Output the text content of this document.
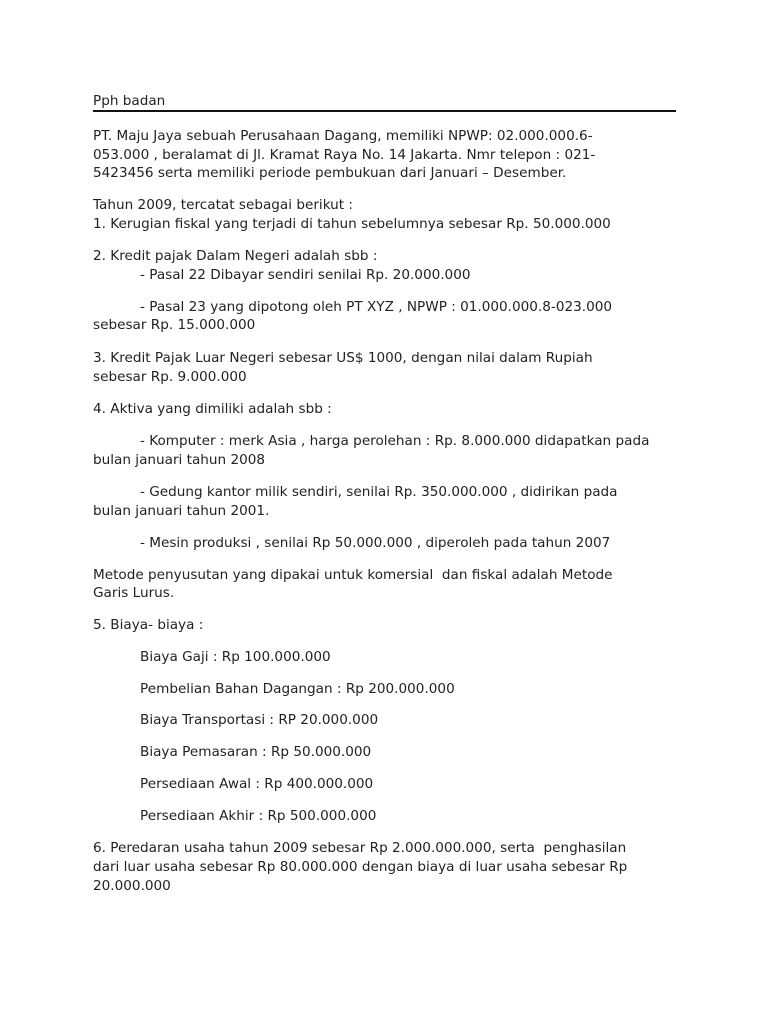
Pph badan
PT. Maju Jaya sebuah Perusahaan Dagang, memiliki NPWP: 02.000.000.6-
053.000 , beralamat di Jl. Kramat Raya No. 14 Jakarta. Nmr telepon : 021-
5423456 serta memiliki periode pembukuan dari Januari – Desember.
Tahun 2009, tercatat sebagai berikut :
1. Kerugian fiskal yang terjadi di tahun sebelumnya sebesar Rp. 50.000.000
2. Kredit pajak Dalam Negeri adalah sbb :
- Pasal 22 Dibayar sendiri senilai Rp. 20.000.000
- Pasal 23 yang dipotong oleh PT XYZ , NPWP : 01.000.000.8-023.000
sebesar Rp. 15.000.000
3. Kredit Pajak Luar Negeri sebesar US$ 1000, dengan nilai dalam Rupiah
sebesar Rp. 9.000.000
4. Aktiva yang dimiliki adalah sbb :
- Komputer : merk Asia , harga perolehan : Rp. 8.000.000 didapatkan pada
bulan januari tahun 2008
- Gedung kantor milik sendiri, senilai Rp. 350.000.000 , didirikan pada
bulan januari tahun 2001.
- Mesin produksi , senilai Rp 50.000.000 , diperoleh pada tahun 2007
Metode penyusutan yang dipakai untuk komersial  dan fiskal adalah Metode
Garis Lurus.
5. Biaya- biaya :
Biaya Gaji : Rp 100.000.000
Pembelian Bahan Dagangan : Rp 200.000.000
Biaya Transportasi : RP 20.000.000
Biaya Pemasaran : Rp 50.000.000
Persediaan Awal : Rp 400.000.000
Persediaan Akhir : Rp 500.000.000
6. Peredaran usaha tahun 2009 sebesar Rp 2.000.000.000, serta  penghasilan
dari luar usaha sebesar Rp 80.000.000 dengan biaya di luar usaha sebesar Rp
20.000.000
